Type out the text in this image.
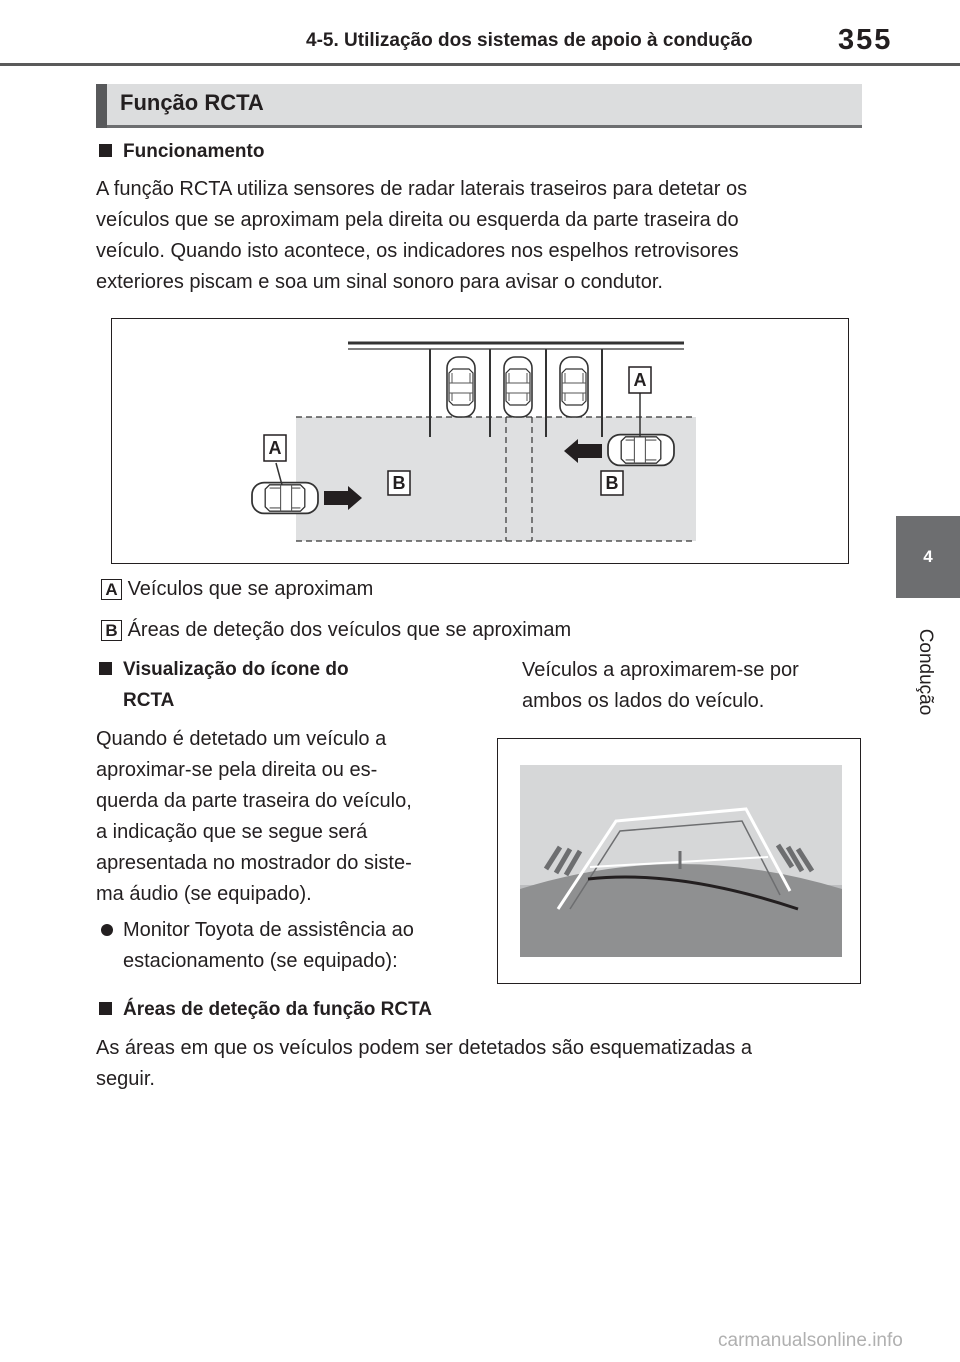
4-5. Utilização dos sistemas de apoio à condução	355
4
Condução
Função RCTA
Funcionamento
A função RCTA utiliza sensores de radar laterais traseiros para detetar os
veículos que se aproximam pela direita ou esquerda da parte traseira do
veículo. Quando isto acontece, os indicadores nos espelhos retrovisores
exteriores piscam e soa um sinal sonoro para avisar o condutor.
A
A
B	B
A Veículos que se aproximam
B Áreas de deteção dos veículos que se aproximam
Visualização do ícone do
RCTA
Veículos a aproximarem-se por
ambos os lados do veículo.
Quando é detetado um veículo a
aproximar-se pela direita ou es-
querda da parte traseira do veículo,
a indicação que se segue será
apresentada no mostrador do siste-
ma áudio (se equipado).
Monitor Toyota de assistência ao
estacionamento (se equipado):
Áreas de deteção da função RCTA
As áreas em que os veículos podem ser detetados são esquematizadas a
seguir.
carmanualsonline.info
